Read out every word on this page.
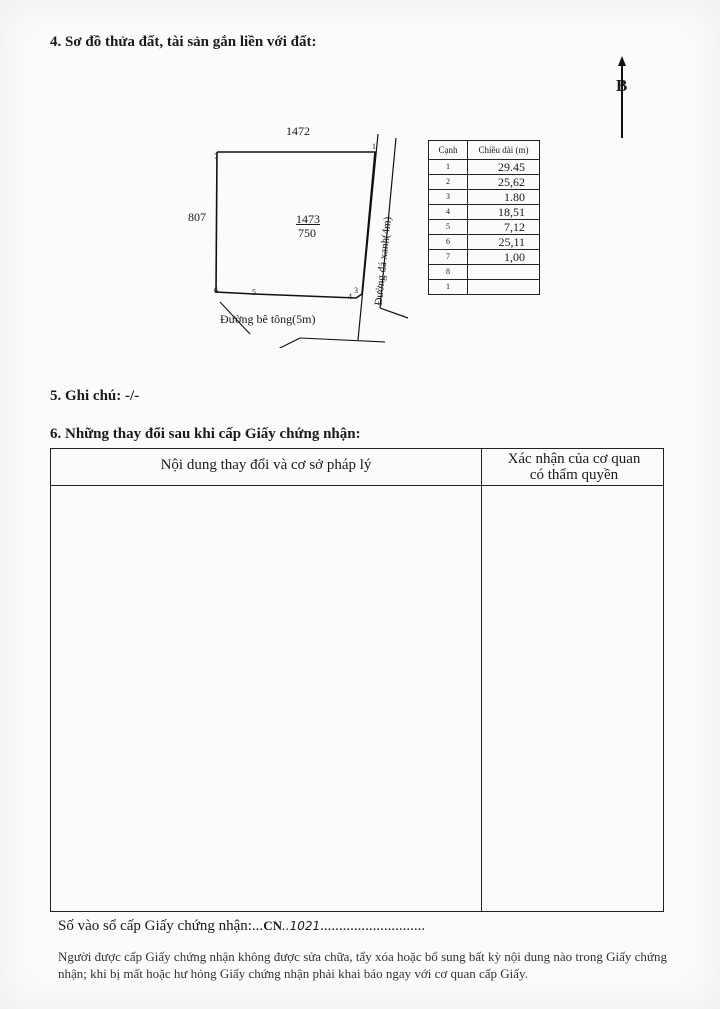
4. Sơ đồ thửa đất, tài sản gắn liền với đất:
B
1472
807	1473
750
Đường bê tông(5m)
Đường đá xanh(4m)
1
3
4
5
6
7
Cạnh	Chiều dài (m)
1	29.45
2	25,62
3	1.80
4	18,51
5	7,12
6	25,11
7	1,00
8	
1	
5. Ghi chú: -/-
6. Những thay đổi sau khi cấp Giấy chứng nhận:
Nội dung thay đổi và cơ sở pháp lý	Xác nhận của cơ quan
có thẩm quyền
Số vào sổ cấp Giấy chứng nhận:...CN..1021............................
Người được cấp Giấy chứng nhận không được sửa chữa, tẩy xóa hoặc bổ sung bất kỳ nội dung nào trong Giấy chứng nhận; khi bị mất hoặc hư hỏng Giấy chứng nhận phải khai báo ngay với cơ quan cấp Giấy.
